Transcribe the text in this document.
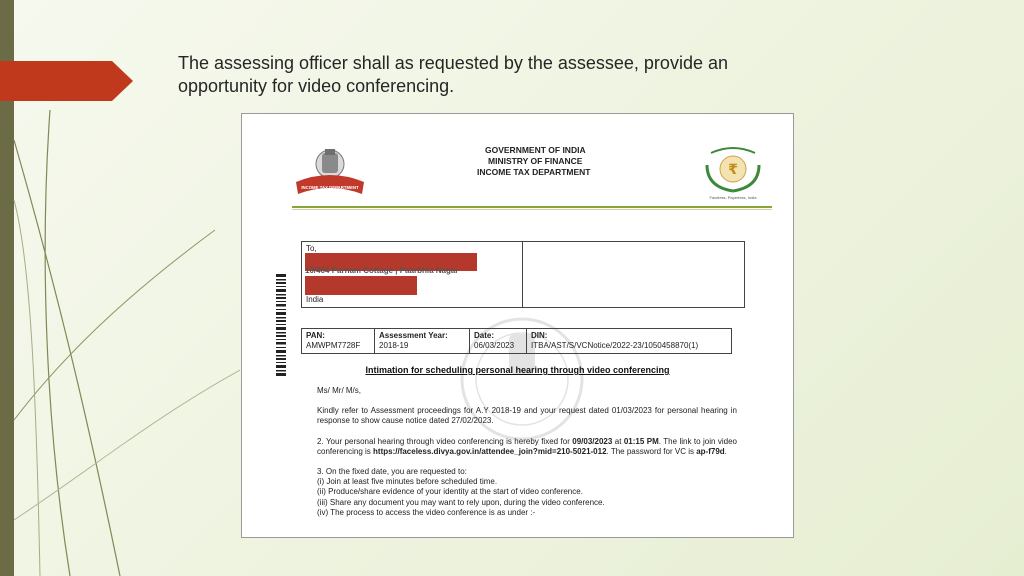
The assessing officer shall as requested by the assessee, provide an opportunity for video conferencing.
INCOME TAX DEPARTMENT
GOVERNMENT OF INDIA
MINISTRY OF FINANCE
INCOME TAX DEPARTMENT	₹
Faceless, Paperless, India
To,
10/404 Parnam Cottage | Paarbhia Nagar
India
PAN:
AMWPM7728F

Assessment Year:
2018-19

Date:
06/03/2023

DIN:
ITBA/AST/S/VCNotice/2022-23/1050458870(1)
Intimation for scheduling personal hearing through video conferencing

Ms/ Mr/ M/s,

Kindly refer to Assessment proceedings for A.Y 2018-19 and your request dated 01/03/2023 for personal hearing in response to show cause notice dated 27/02/2023.

2. Your personal hearing through video conferencing is hereby fixed for 09/03/2023 at 01:15 PM. The link to join video conferencing is https://faceless.divya.gov.in/attendee_join?mid=210-5021-012. The password for VC is ap-f79d.

3. On the fixed date, you are requested to:
(i) Join at least five minutes before scheduled time.
(ii) Produce/share evidence of your identity at the start of video conference.
(iii) Share any document you may want to rely upon, during the video conference.
(iv) The process to access the video conference is as under :-
